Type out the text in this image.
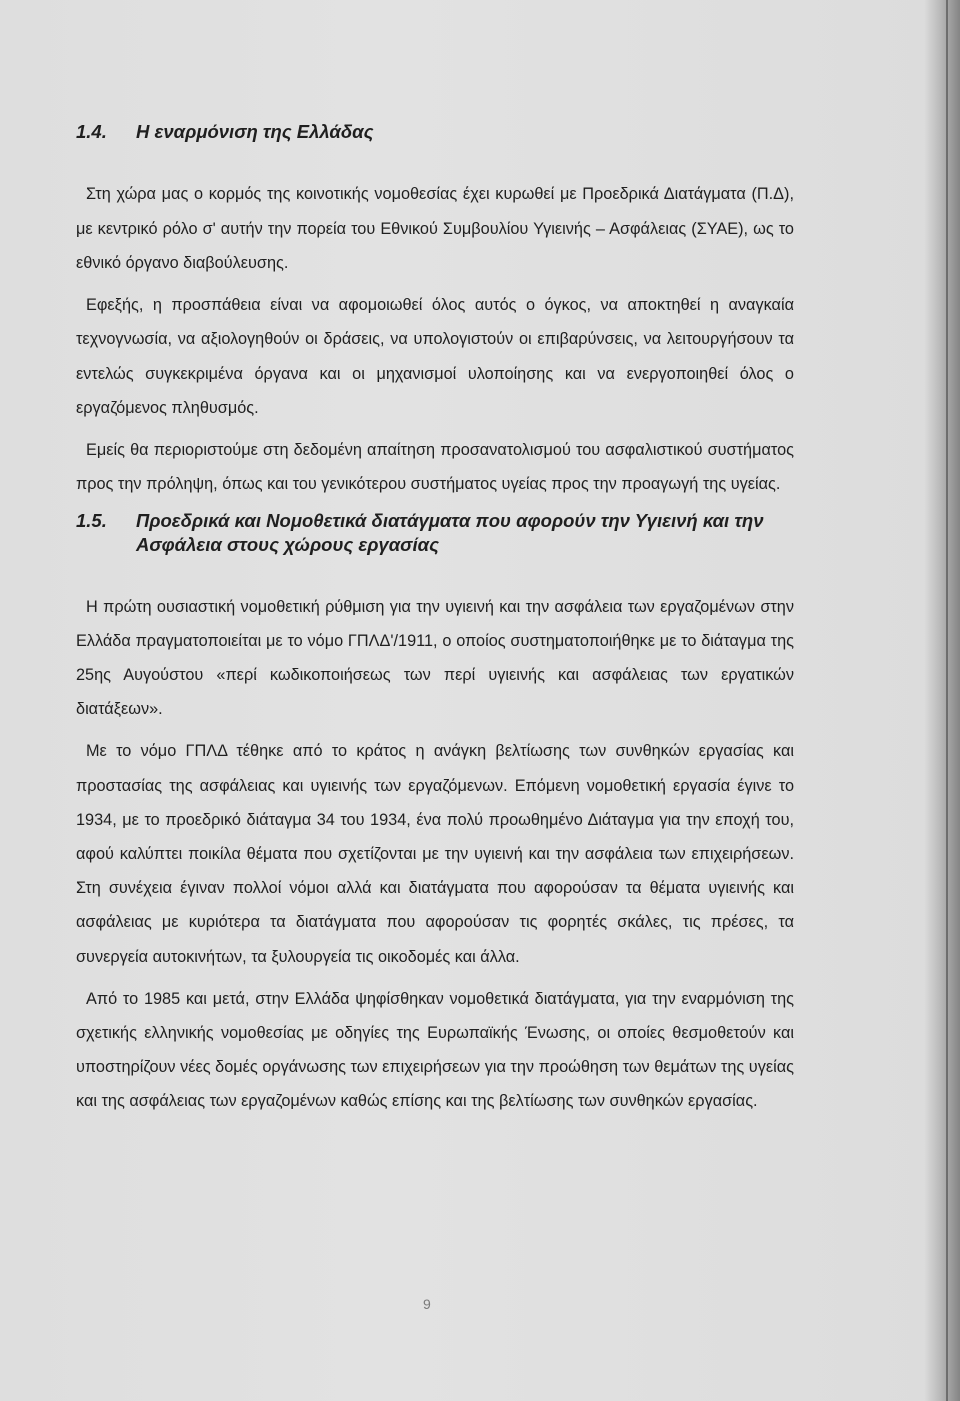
1.4.	Η εναρμόνιση της Ελλάδας

Στη χώρα μας ο κορμός της κοινοτικής νομοθεσίας έχει κυρωθεί με Προεδρικά Διατάγματα (Π.Δ), με κεντρικό ρόλο σ' αυτήν την πορεία του Εθνικού Συμβουλίου Υγιεινής – Ασφάλειας (ΣΥΑΕ), ως το εθνικό όργανο διαβούλευσης.

Εφεξής, η προσπάθεια είναι να αφομοιωθεί όλος αυτός ο όγκος, να αποκτηθεί η αναγκαία τεχνογνωσία, να αξιολογηθούν οι δράσεις, να υπολογιστούν οι επιβαρύνσεις, να λειτουργήσουν τα εντελώς συγκεκριμένα όργανα και οι μηχανισμοί υλοποίησης και να ενεργοποιηθεί όλος ο εργαζόμενος πληθυσμός.

Εμείς θα περιοριστούμε στη δεδομένη απαίτηση προσανατολισμού του ασφαλιστικού συστήματος προς την πρόληψη, όπως και του γενικότερου συστήματος υγείας προς την προαγωγή της υγείας.

1.5.	Προεδρικά και Νομοθετικά διατάγματα που αφορούν την Υγιεινή και την Ασφάλεια στους χώρους εργασίας

Η πρώτη ουσιαστική νομοθετική ρύθμιση για την υγιεινή και την ασφάλεια των εργαζομένων στην Ελλάδα πραγματοποιείται με το νόμο ΓΠΛΔ'/1911, ο οποίος συστηματοποιήθηκε με το διάταγμα της 25ης Αυγούστου «περί κωδικοποιήσεως των περί υγιεινής και ασφάλειας των εργατικών διατάξεων».

Με το νόμο ΓΠΛΔ τέθηκε από το κράτος η ανάγκη βελτίωσης των συνθηκών εργασίας και προστασίας της ασφάλειας και υγιεινής των εργαζόμενων. Επόμενη νομοθετική εργασία έγινε το 1934, με το προεδρικό διάταγμα 34 του 1934, ένα πολύ προωθημένο Διάταγμα για την εποχή του, αφού καλύπτει ποικίλα θέματα που σχετίζονται με την υγιεινή και την ασφάλεια των επιχειρήσεων. Στη συνέχεια έγιναν πολλοί νόμοι αλλά και διατάγματα που αφορούσαν τα θέματα υγιεινής και ασφάλειας με κυριότερα τα διατάγματα που αφορούσαν τις φορητές σκάλες, τις πρέσες, τα συνεργεία αυτοκινήτων, τα ξυλουργεία τις οικοδομές και άλλα.

Από το 1985 και μετά, στην Ελλάδα ψηφίσθηκαν νομοθετικά διατάγματα, για την εναρμόνιση της σχετικής ελληνικής νομοθεσίας με οδηγίες της Ευρωπαϊκής Ένωσης, οι οποίες θεσμοθετούν και υποστηρίζουν νέες δομές οργάνωσης των επιχειρήσεων για την προώθηση των θεμάτων της υγείας και της ασφάλειας των εργαζομένων καθώς επίσης και της βελτίωσης των συνθηκών εργασίας.

9
